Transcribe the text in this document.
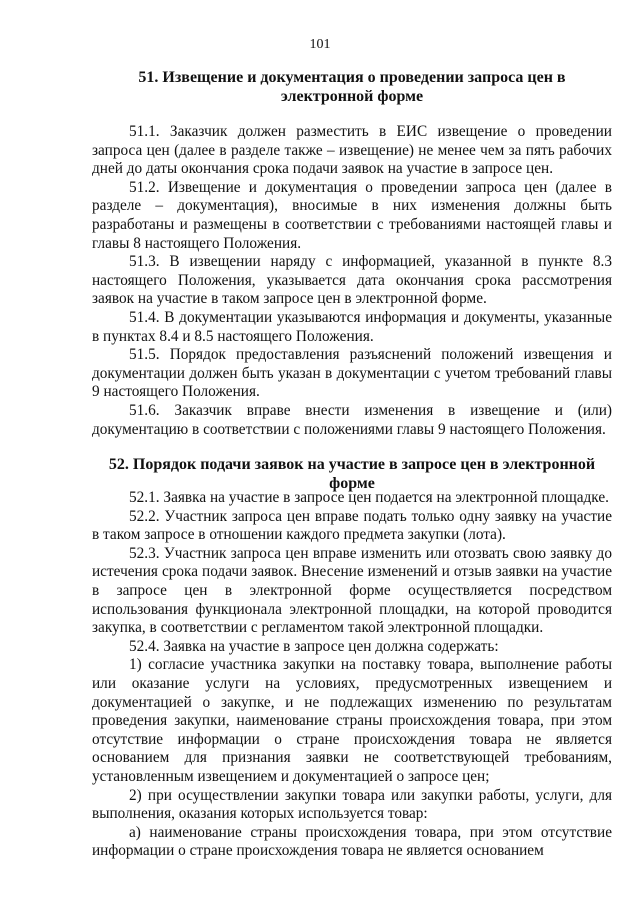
101
51. Извещение и документация о проведении запроса цен в электронной форме

51.1. Заказчик должен разместить в ЕИС извещение о проведении запроса цен (далее в разделе также – извещение) не менее чем за пять рабочих дней до даты окончания срока подачи заявок на участие в запросе цен.

51.2. Извещение и документация о проведении запроса цен (далее в разделе – документация), вносимые в них изменения должны быть разработаны и размещены в соответствии с требованиями настоящей главы и главы 8 настоящего Положения.

51.3. В извещении наряду с информацией, указанной в пункте 8.3 настоящего Положения, указывается дата окончания срока рассмотрения заявок на участие в таком запросе цен в электронной форме.

51.4. В документации указываются информация и документы, указанные в пунктах 8.4 и 8.5 настоящего Положения.

51.5. Порядок предоставления разъяснений положений извещения и документации должен быть указан в документации с учетом требований главы 9 настоящего Положения.

51.6. Заказчик вправе внести изменения в извещение и (или) документацию в соответствии с положениями главы 9 настоящего Положения.

52. Порядок подачи заявок на участие в запросе цен в электронной форме

52.1. Заявка на участие в запросе цен подается на электронной площадке.

52.2. Участник запроса цен вправе подать только одну заявку на участие в таком запросе в отношении каждого предмета закупки (лота).

52.3. Участник запроса цен вправе изменить или отозвать свою заявку до истечения срока подачи заявок. Внесение изменений и отзыв заявки на участие в запросе цен в электронной форме осуществляется посредством использования функционала электронной площадки, на которой проводится закупка, в соответствии с регламентом такой электронной площадки.

52.4. Заявка на участие в запросе цен должна содержать:

1) согласие участника закупки на поставку товара, выполнение работы или оказание услуги на условиях, предусмотренных извещением и документацией о закупке, и не подлежащих изменению по результатам проведения закупки, наименование страны происхождения товара, при этом отсутствие информации о стране происхождения товара не является основанием для признания заявки не соответствующей требованиям, установленным извещением и документацией о запросе цен;

2) при осуществлении закупки товара или закупки работы, услуги, для выполнения, оказания которых используется товар:

а) наименование страны происхождения товара, при этом отсутствие информации о стране происхождения товара не является основанием
